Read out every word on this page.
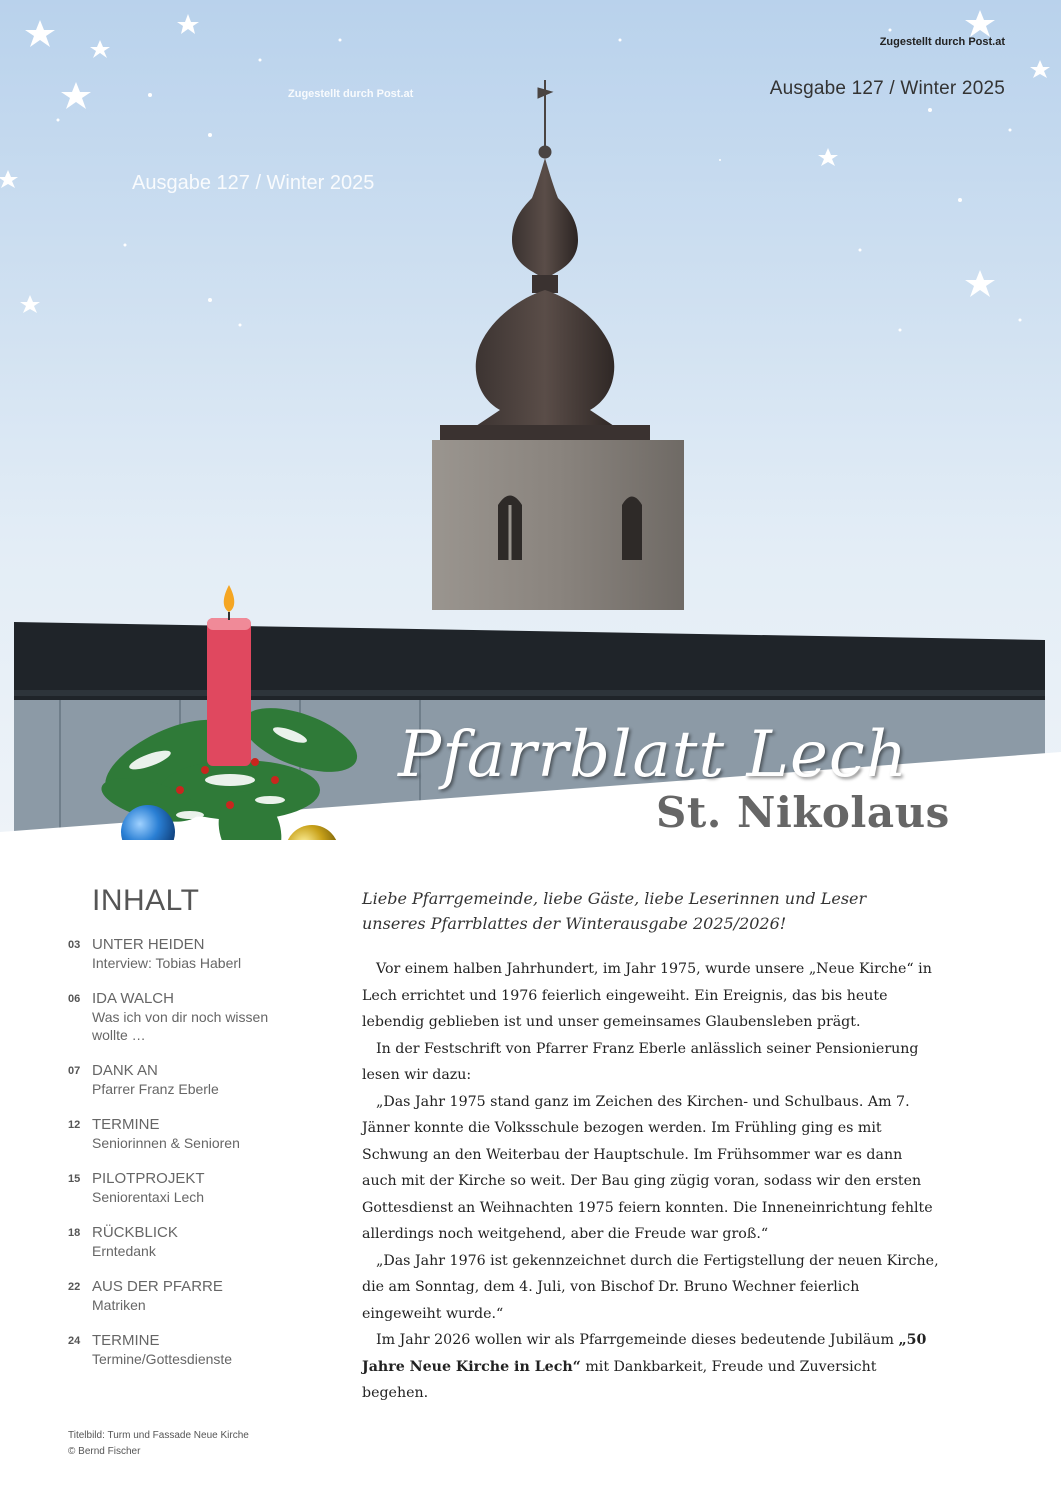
Zugestellt durch Post.at
Ausgabe 127 / Winter 2025
Zugestellt durch Post.at
Ausgabe 127 / Winter 2025
Pfarrblatt Lech
St. Nikolaus
INHALT
03 UNTER HEIDEN
Interview: Tobias Haberl
06 IDA WALCH
Was ich von dir noch wissen
wollte …
07 DANK AN
Pfarrer Franz Eberle
12 TERMINE
Seniorinnen & Senioren
15 PILOTPROJEKT
Seniorentaxi Lech
18 RÜCKBLICK
Erntedank
22 AUS DER PFARRE
Matriken
24 TERMINE
Termine/Gottesdienste
Titelbild: Turm und Fassade Neue Kirche
© Bernd Fischer
Liebe Pfarrgemeinde, liebe Gäste, liebe Leserinnen und Leser unseres Pfarrblattes der Winterausgabe 2025/2026!

Vor einem halben Jahrhundert, im Jahr 1975, wurde unsere „Neue Kirche“ in Lech errichtet und 1976 feierlich eingeweiht. Ein Ereignis, das bis heute lebendig geblieben ist und unser gemeinsames Glaubensleben prägt.

In der Festschrift von Pfarrer Franz Eberle anlässlich seiner Pensionierung lesen wir dazu:

„Das Jahr 1975 stand ganz im Zeichen des Kirchen- und Schulbaus. Am 7. Jänner konnte die Volksschule bezogen werden. Im Frühling ging es mit Schwung an den Weiterbau der Hauptschule. Im Frühsommer war es dann auch mit der Kirche so weit. Der Bau ging zügig voran, sodass wir den ersten Gottesdienst an Weihnachten 1975 feiern konnten. Die Inneneinrichtung fehlte allerdings noch weitgehend, aber die Freude war groß.“

„Das Jahr 1976 ist gekennzeichnet durch die Fertigstellung der neuen Kirche, die am Sonntag, dem 4. Juli, von Bischof Dr. Bruno Wechner feierlich eingeweiht wurde.“

Im Jahr 2026 wollen wir als Pfarrgemeinde dieses bedeutende Jubiläum „50 Jahre Neue Kirche in Lech“ mit Dankbarkeit, Freude und Zuversicht begehen.
